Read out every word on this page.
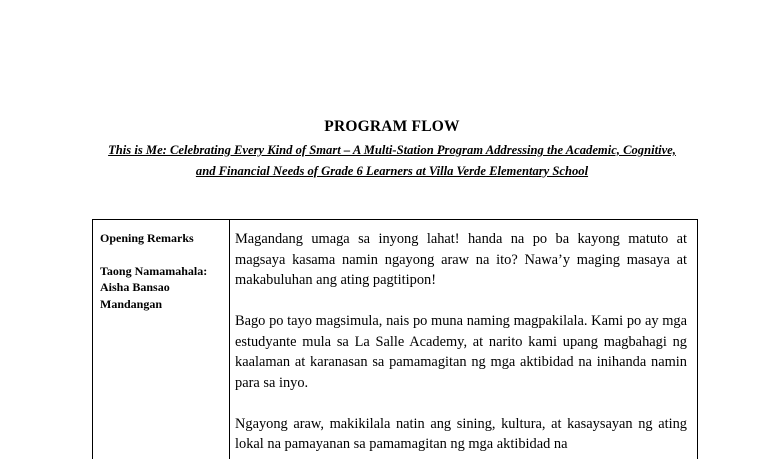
PROGRAM FLOW
This is Me: Celebrating Every Kind of Smart – A Multi-Station Program Addressing the Academic, Cognitive, and Financial Needs of Grade 6 Learners at Villa Verde Elementary School
Opening Remarks
Taong Namamahala:
Aisha Bansao Mandangan

Magandang umaga sa inyong lahat! handa na po ba kayong matuto at magsaya kasama namin ngayong araw na ito? Nawa’y maging masaya at makabuluhan ang ating pagtitipon!

Bago po tayo magsimula, nais po muna naming magpakilala. Kami po ay mga estudyante mula sa La Salle Academy, at narito kami upang magbahagi ng kaalaman at karanasan sa pamamagitan ng mga aktibidad na inihanda namin para sa inyo.

Ngayong araw, makikilala natin ang sining, kultura, at kasaysayan ng ating lokal na pamayanan sa pamamagitan ng mga aktibidad na
